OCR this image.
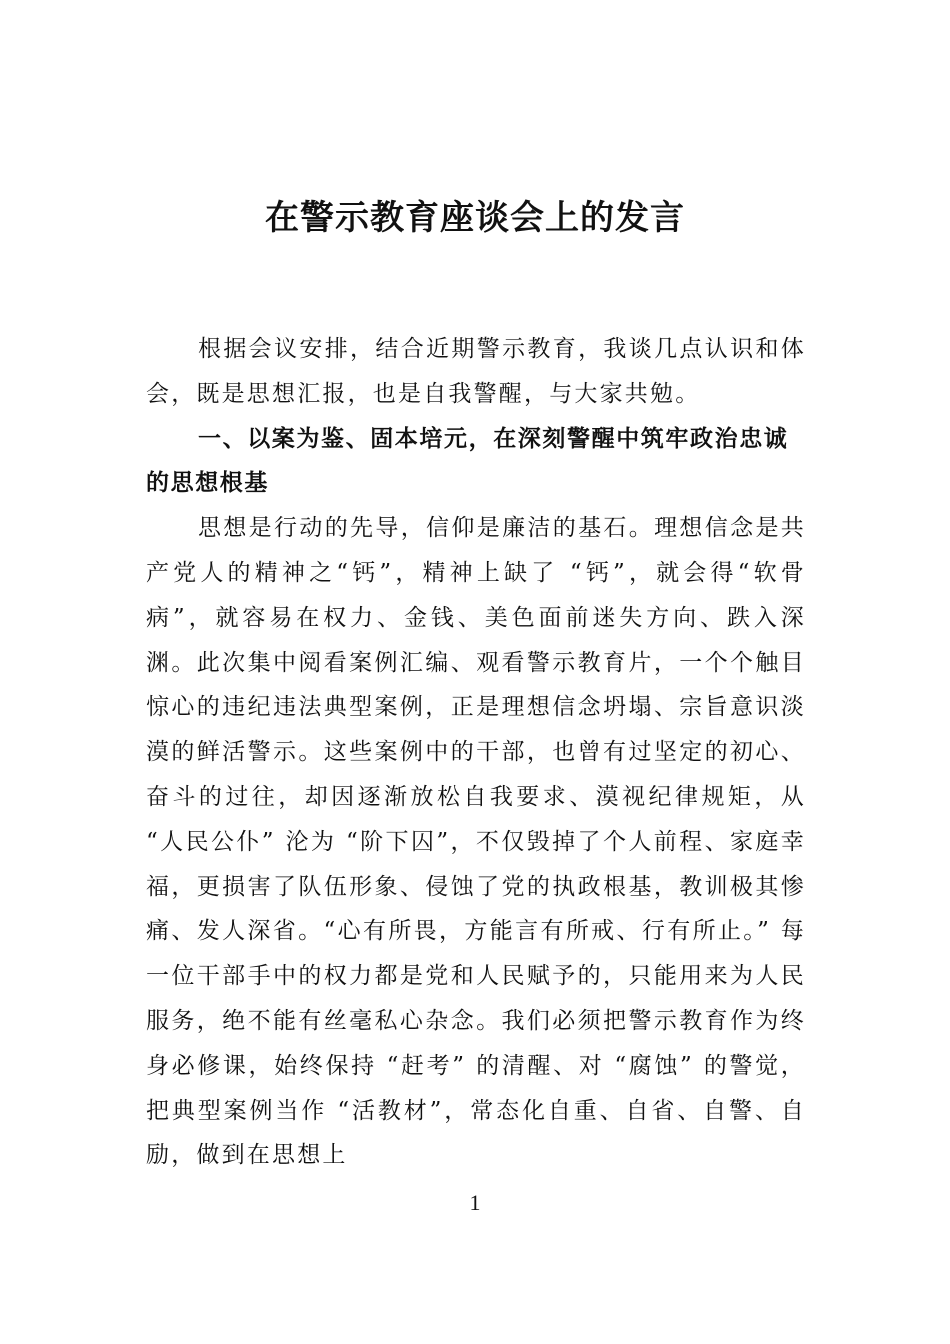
在警示教育座谈会上的发言

根据会议安排，结合近期警示教育，我谈几点认识和体会，既是思想汇报，也是自我警醒，与大家共勉。

一、以案为鉴、固本培元，在深刻警醒中筑牢政治忠诚的思想根基

思想是行动的先导，信仰是廉洁的基石。理想信念是共产党人的精神之“钙”，精神上缺了 “钙”，就会得“软骨病”，就容易在权力、金钱、美色面前迷失方向、跌入深渊。此次集中阅看案例汇编、观看警示教育片，一个个触目惊心的违纪违法典型案例，正是理想信念坍塌、宗旨意识淡漠的鲜活警示。这些案例中的干部，也曾有过坚定的初心、奋斗的过往，却因逐渐放松自我要求、漠视纪律规矩，从 “人民公仆” 沦为 “阶下囚”，不仅毁掉了个人前程、家庭幸福，更损害了队伍形象、侵蚀了党的执政根基，教训极其惨痛、发人深省。“心有所畏，方能言有所戒、行有所止。” 每一位干部手中的权力都是党和人民赋予的，只能用来为人民服务，绝不能有丝毫私心杂念。我们必须把警示教育作为终身必修课，始终保持 “赶考” 的清醒、对 “腐蚀” 的警觉，把典型案例当作 “活教材”，常态化自重、自省、自警、自励，做到在思想上

1
